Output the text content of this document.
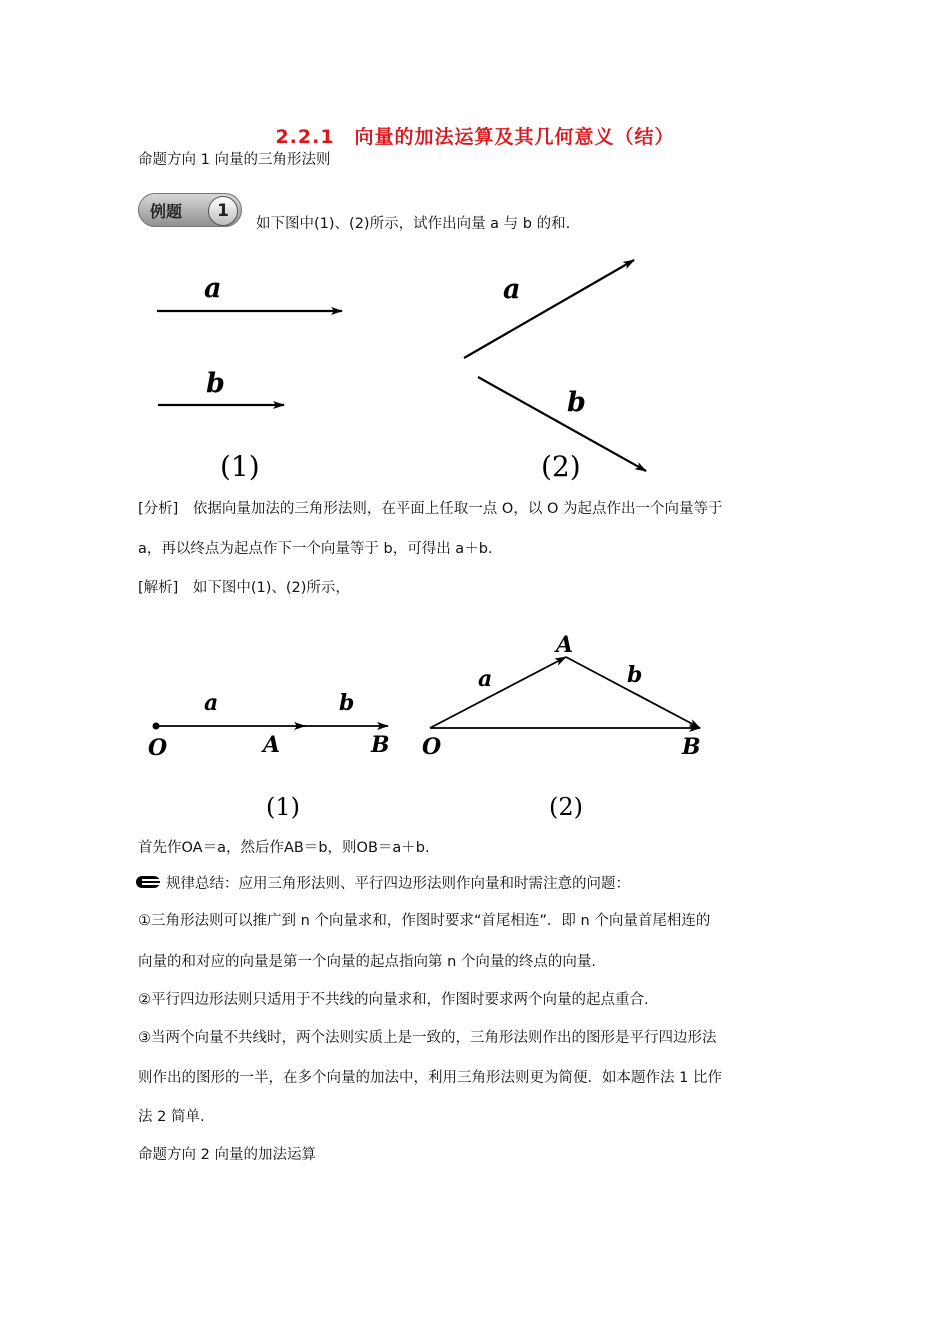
2.2.1　向量的加法运算及其几何意义（结）
命题方向 1 向量的三角形法则
例题	1
如下图中(1)、(2)所示，试作出向量 a 与 b 的和.
a
b
a
b
(1)	(2)
[分析]　依据向量加法的三角形法则，在平面上任取一点 O，以 O 为起点作出一个向量等于
a，再以终点为起点作下一个向量等于 b，可得出 a＋b.
[解析]　如下图中(1)、(2)所示，
a	b
O	A	B
a	b
A
O	B
(1)	(2)
首先作OA＝a，然后作AB＝b，则OB＝a＋b.
规律总结：应用三角形法则、平行四边形法则作向量和时需注意的问题：
①三角形法则可以推广到 n 个向量求和，作图时要求“首尾相连”．即 n 个向量首尾相连的
向量的和对应的向量是第一个向量的起点指向第 n 个向量的终点的向量.
②平行四边形法则只适用于不共线的向量求和，作图时要求两个向量的起点重合.
③当两个向量不共线时，两个法则实质上是一致的，三角形法则作出的图形是平行四边形法
则作出的图形的一半，在多个向量的加法中，利用三角形法则更为简便．如本题作法 1 比作
法 2 简单.
命题方向 2 向量的加法运算
